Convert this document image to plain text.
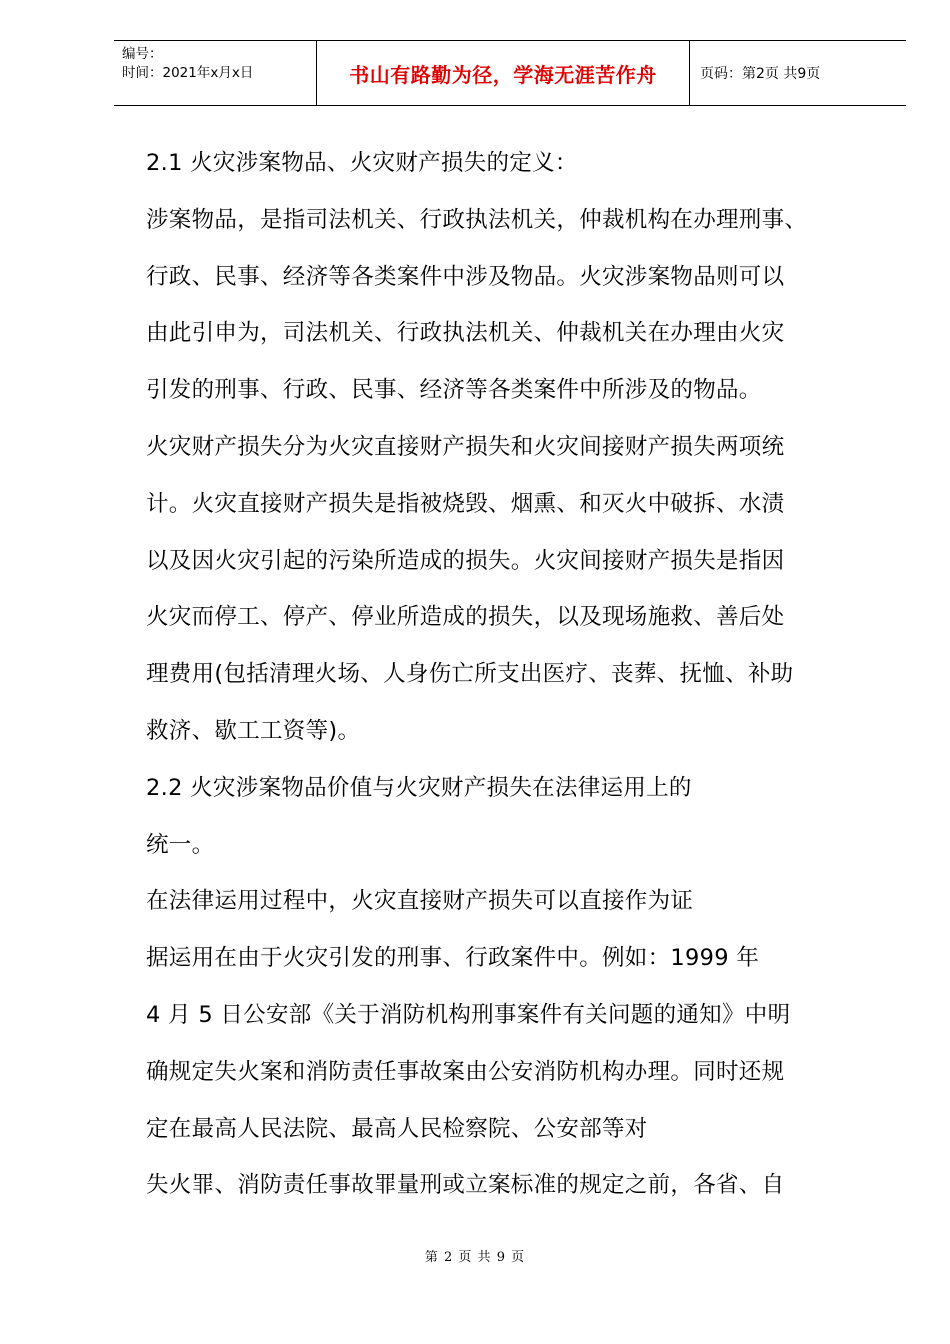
编号：
时间：2021年x月x日	书山有路勤为径，学海无涯苦作舟	页码：第2页 共9页
2.1 火灾涉案物品、火灾财产损失的定义：
涉案物品，是指司法机关、行政执法机关，仲裁机构在办理刑事、
行政、民事、经济等各类案件中涉及物品。火灾涉案物品则可以
由此引申为，司法机关、行政执法机关、仲裁机关在办理由火灾
引发的刑事、行政、民事、经济等各类案件中所涉及的物品。
火灾财产损失分为火灾直接财产损失和火灾间接财产损失两项统
计。火灾直接财产损失是指被烧毁、烟熏、和灭火中破拆、水渍
以及因火灾引起的污染所造成的损失。火灾间接财产损失是指因
火灾而停工、停产、停业所造成的损失，以及现场施救、善后处
理费用(包括清理火场、人身伤亡所支出医疗、丧葬、抚恤、补助
救济、歇工工资等)。
2.2 火灾涉案物品价值与火灾财产损失在法律运用上的
统一。
在法律运用过程中，火灾直接财产损失可以直接作为证
据运用在由于火灾引发的刑事、行政案件中。例如：1999 年
4 月 5 日公安部《关于消防机构刑事案件有关问题的通知》中明
确规定失火案和消防责任事故案由公安消防机构办理。同时还规
定在最高人民法院、最高人民检察院、公安部等对
失火罪、消防责任事故罪量刑或立案标准的规定之前，各省、自
第 2 页 共 9 页
